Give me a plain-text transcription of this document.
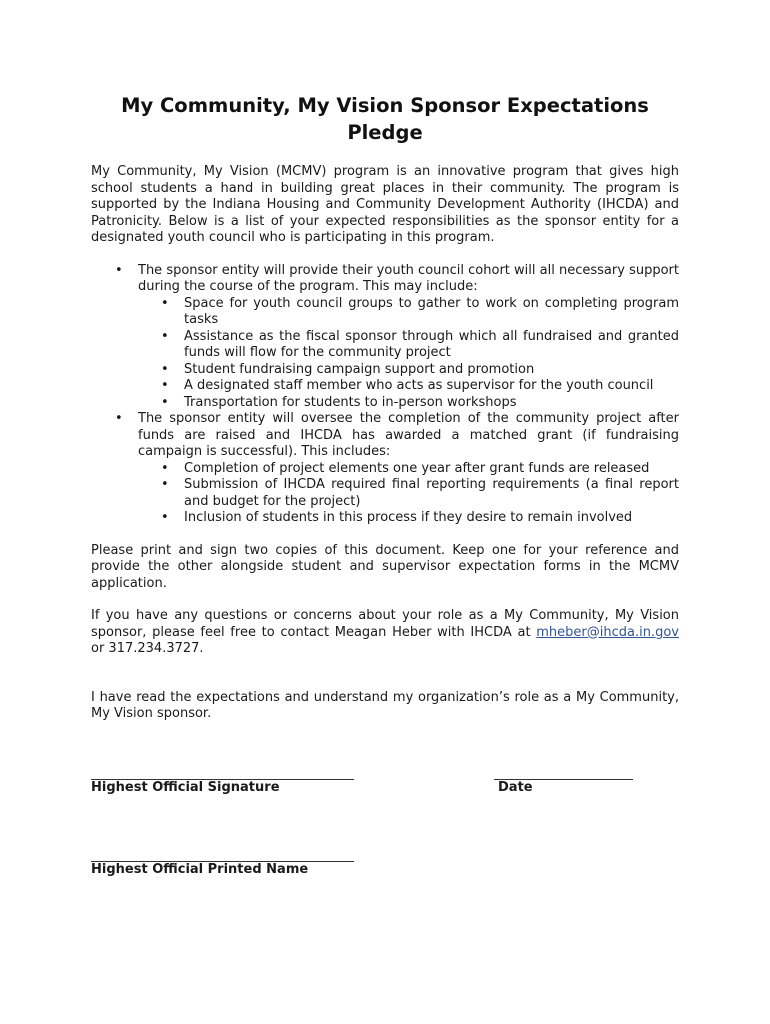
My Community, My Vision Sponsor Expectations Pledge

My Community, My Vision (MCMV) program is an innovative program that gives high school students a hand in building great places in their community. The program is supported by the Indiana Housing and Community Development Authority (IHCDA) and Patronicity. Below is a list of your expected responsibilities as the sponsor entity for a designated youth council who is participating in this program.

• The sponsor entity will provide their youth council cohort will all necessary support during the course of the program. This may include:
• Space for youth council groups to gather to work on completing program tasks
• Assistance as the fiscal sponsor through which all fundraised and granted funds will flow for the community project
• Student fundraising campaign support and promotion
• A designated staff member who acts as supervisor for the youth council
• Transportation for students to in-person workshops
• The sponsor entity will oversee the completion of the community project after funds are raised and IHCDA has awarded a matched grant (if fundraising campaign is successful). This includes:
• Completion of project elements one year after grant funds are released
• Submission of IHCDA required final reporting requirements (a final report and budget for the project)
• Inclusion of students in this process if they desire to remain involved

Please print and sign two copies of this document. Keep one for your reference and provide the other alongside student and supervisor expectation forms in the MCMV application.

If you have any questions or concerns about your role as a My Community, My Vision sponsor, please feel free to contact Meagan Heber with IHCDA at mheber@ihcda.in.gov or 317.234.3727.

I have read the expectations and understand my organization’s role as a My Community, My Vision sponsor.

Highest Official Signature	Date
Highest Official Printed Name
